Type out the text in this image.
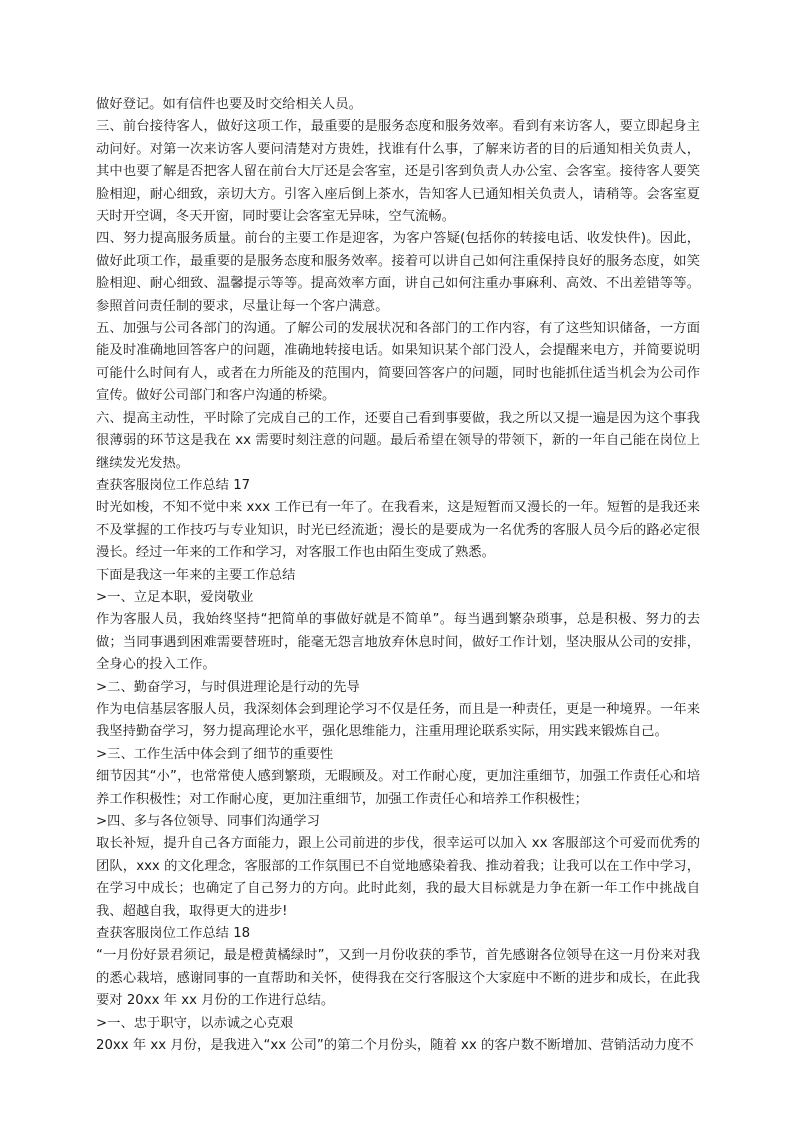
做好登记。如有信件也要及时交给相关人员。

三、前台接待客人，做好这项工作，最重要的是服务态度和服务效率。看到有来访客人，要立即起身主动问好。对第一次来访客人要问清楚对方贵姓，找谁有什么事，了解来访者的目的后通知相关负责人，其中也要了解是否把客人留在前台大厅还是会客室，还是引客到负责人办公室、会客室。接待客人要笑脸相迎，耐心细致，亲切大方。引客入座后倒上茶水，告知客人已通知相关负责人，请稍等。会客室夏天时开空调，冬天开窗，同时要让会客室无异味，空气流畅。

四、努力提高服务质量。前台的主要工作是迎客，为客户答疑(包括你的转接电话、收发快件)。因此，做好此项工作，最重要的是服务态度和服务效率。接着可以讲自己如何注重保持良好的服务态度，如笑脸相迎、耐心细致、温馨提示等等。提高效率方面，讲自己如何注重办事麻利、高效、不出差错等等。参照首问责任制的要求，尽量让每一个客户满意。

五、加强与公司各部门的沟通。了解公司的发展状况和各部门的工作内容，有了这些知识储备，一方面能及时准确地回答客户的问题，准确地转接电话。如果知识某个部门没人，会提醒来电方，并简要说明可能什么时间有人，或者在力所能及的范围内，简要回答客户的问题，同时也能抓住适当机会为公司作宣传。做好公司部门和客户沟通的桥梁。

六、提高主动性，平时除了完成自己的工作，还要自己看到事要做，我之所以又提一遍是因为这个事我很薄弱的环节这是我在 xx 需要时刻注意的问题。最后希望在领导的带领下，新的一年自己能在岗位上继续发光发热。

查获客服岗位工作总结 17

时光如梭，不知不觉中来 xxx 工作已有一年了。在我看来，这是短暂而又漫长的一年。短暂的是我还来不及掌握的工作技巧与专业知识，时光已经流逝；漫长的是要成为一名优秀的客服人员今后的路必定很漫长。经过一年来的工作和学习，对客服工作也由陌生变成了熟悉。

下面是我这一年来的主要工作总结

>一、立足本职，爱岗敬业

作为客服人员，我始终坚持“把简单的事做好就是不简单”。每当遇到繁杂琐事，总是积极、努力的去做；当同事遇到困难需要替班时，能毫无怨言地放弃休息时间，做好工作计划，坚决服从公司的安排，全身心的投入工作。

>二、勤奋学习，与时俱进理论是行动的先导

作为电信基层客服人员，我深刻体会到理论学习不仅是任务，而且是一种责任，更是一种境界。一年来我坚持勤奋学习，努力提高理论水平，强化思维能力，注重用理论联系实际，用实践来锻炼自己。

>三、工作生活中体会到了细节的重要性

细节因其“小”，也常常使人感到繁琐，无暇顾及。对工作耐心度，更加注重细节，加强工作责任心和培养工作积极性；对工作耐心度，更加注重细节，加强工作责任心和培养工作积极性；

>四、多与各位领导、同事们沟通学习

取长补短，提升自己各方面能力，跟上公司前进的步伐，很幸运可以加入 xx 客服部这个可爱而优秀的团队，xxx 的文化理念，客服部的工作氛围已不自觉地感染着我、推动着我；让我可以在工作中学习，在学习中成长；也确定了自己努力的方向。此时此刻，我的最大目标就是力争在新一年工作中挑战自我、超越自我，取得更大的进步!

查获客服岗位工作总结 18

“一月份好景君须记，最是橙黄橘绿时”，又到一月份收获的季节，首先感谢各位领导在这一月份来对我的悉心栽培，感谢同事的一直帮助和关怀，使得我在交行客服这个大家庭中不断的进步和成长，在此我要对 20xx 年 xx 月份的工作进行总结。

>一、忠于职守，以赤诚之心克艰

20xx 年 xx 月份，是我进入“xx 公司”的第二个月份头，随着 xx 的客户数不断增加、营销活动力度不
